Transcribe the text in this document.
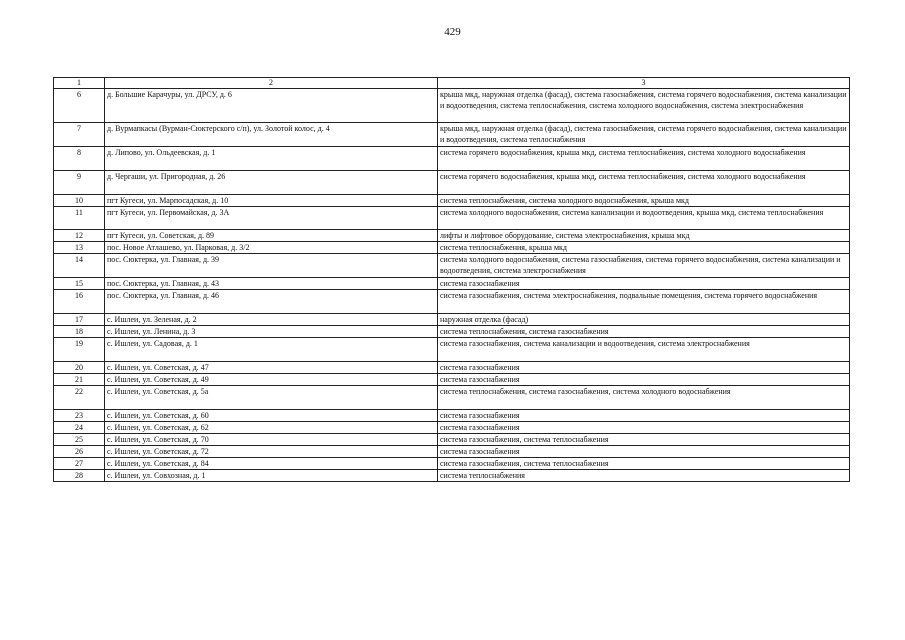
429
1	2	3
6	д. Большие Карачуры, ул. ДРСУ, д. 6	крыша мкд, наружная отделка (фасад), система газоснабжения, система горячего водоснабжения, система канализации и водоотведения, система теплоснабжения, система холодного водоснабжения, система электроснабжения
7	д. Вурмапкасы (Вурман-Сюктерского с/п), ул. Золотой колос, д. 4	крыша мкд, наружная отделка (фасад), система газоснабжения, система горячего водоснабжения, система канализации и водоотведения, система теплоснабжения
8	д. Липово, ул. Ольдеевская, д. 1	система горячего водоснабжения, крыша мкд, система теплоснабжения, система холодного водоснабжения
9	д. Чергаши, ул. Пригородная, д. 26	система горячего водоснабжения, крыша мкд, система теплоснабжения, система холодного водоснабжения
10	пгт Кугеси, ул. Марпосадская, д. 10	система теплоснабжения, система холодного водоснабжения, крыша мкд
11	пгт Кугеси, ул. Первомайская, д. 3А	система холодного водоснабжения, система канализации и водоотведения, крыша мкд, система теплоснабжения
12	пгт Кугеси, ул. Советская, д. 89	лифты и лифтовое оборудование, система электроснабжения, крыша мкд
13	пос. Новое Атлашево, ул. Парковая, д. 3/2	система теплоснабжения, крыша мкд
14	пос. Сюктерка, ул. Главная, д. 39	система холодного водоснабжения, система газоснабжения, система горячего водоснабжения, система канализации и водоотведения, система электроснабжения
15	пос. Сюктерка, ул. Главная, д. 43	система газоснабжения
16	пос. Сюктерка, ул. Главная, д. 46	система газоснабжения, система электроснабжения, подвальные помещения, система горячего водоснабжения
17	с. Ишлеи, ул. Зеленая, д. 2	наружная отделка (фасад)
18	с. Ишлеи, ул. Ленина, д. 3	система теплоснабжения, система газоснабжения
19	с. Ишлеи, ул. Садовая, д. 1	система газоснабжения, система канализации и водоотведения, система электроснабжения
20	с. Ишлеи, ул. Советская, д. 47	система газоснабжения
21	с. Ишлеи, ул. Советская, д. 49	система газоснабжения
22	с. Ишлеи, ул. Советская, д. 5а	система теплоснабжения, система газоснабжения, система холодного водоснабжения
23	с. Ишлеи, ул. Советская, д. 60	система газоснабжения
24	с. Ишлеи, ул. Советская, д. 62	система газоснабжения
25	с. Ишлеи, ул. Советская, д. 70	система газоснабжения, система теплоснабжения
26	с. Ишлеи, ул. Советская, д. 72	система газоснабжения
27	с. Ишлеи, ул. Советская, д. 84	система газоснабжения, система теплоснабжения
28	с. Ишлеи, ул. Совхозная, д. 1	система теплоснабжения
